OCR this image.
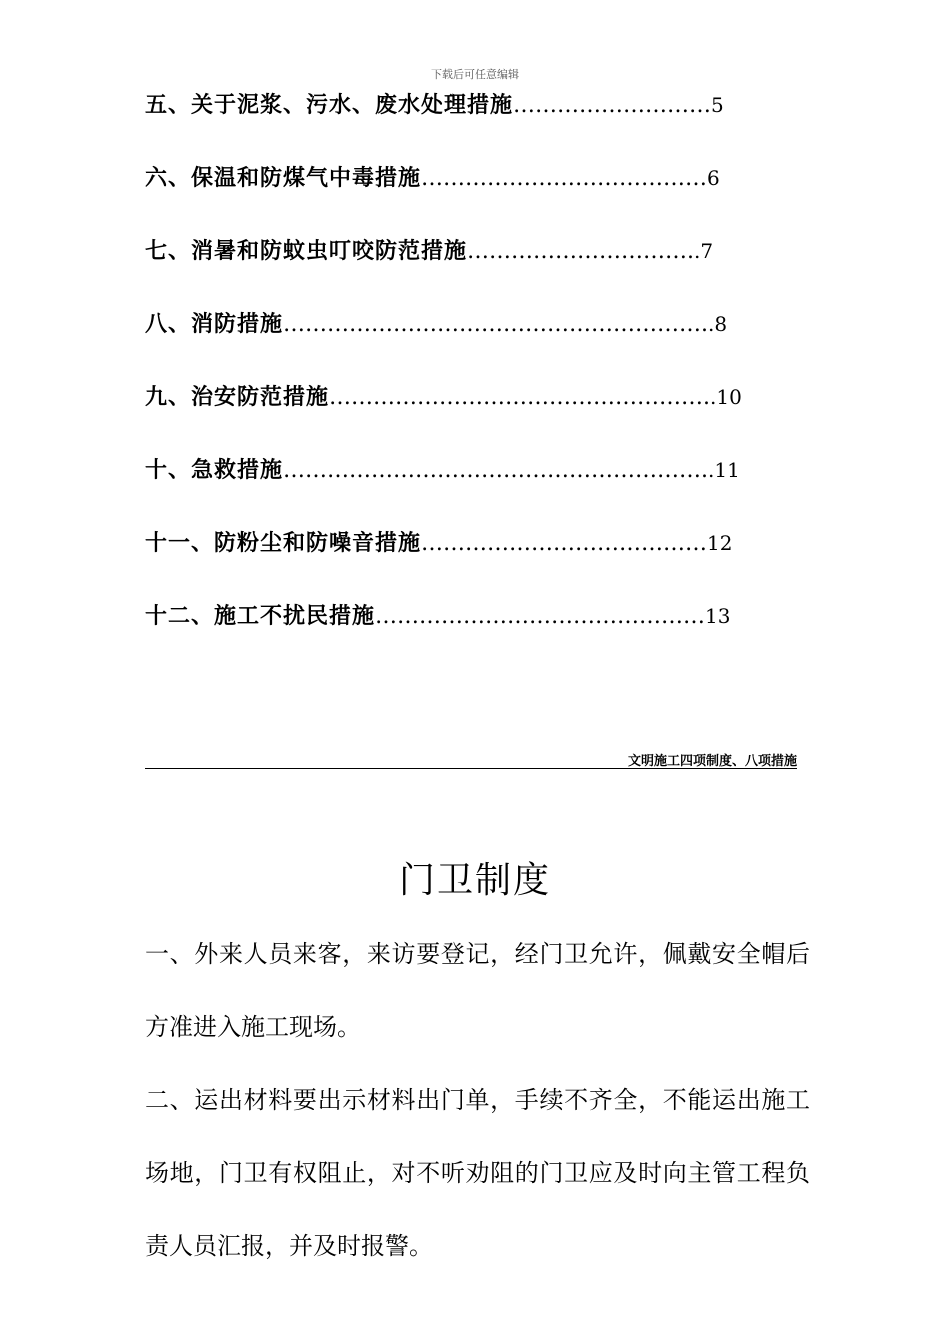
下载后可任意编辑
五、关于泥浆、污水、废水处理措施………………………5
六、保温和防煤气中毒措施…………………………………6
七、消暑和防蚊虫叮咬防范措施…………………………..7
八、消防措施…………………………………………………..8
九、治安防范措施……………………………………………..10
十、急救措施…………………………………………………..11
十一、防粉尘和防噪音措施…………………………………12
十二、施工不扰民措施………………………………………13
文明施工四项制度、八项措施
门卫制度

一、外来人员来客，来访要登记，经门卫允许，佩戴安全帽后方准进入施工现场。

二、运出材料要出示材料出门单，手续不齐全，不能运出施工场地，门卫有权阻止，对不听劝阻的门卫应及时向主管工程负责人员汇报，并及时报警。
